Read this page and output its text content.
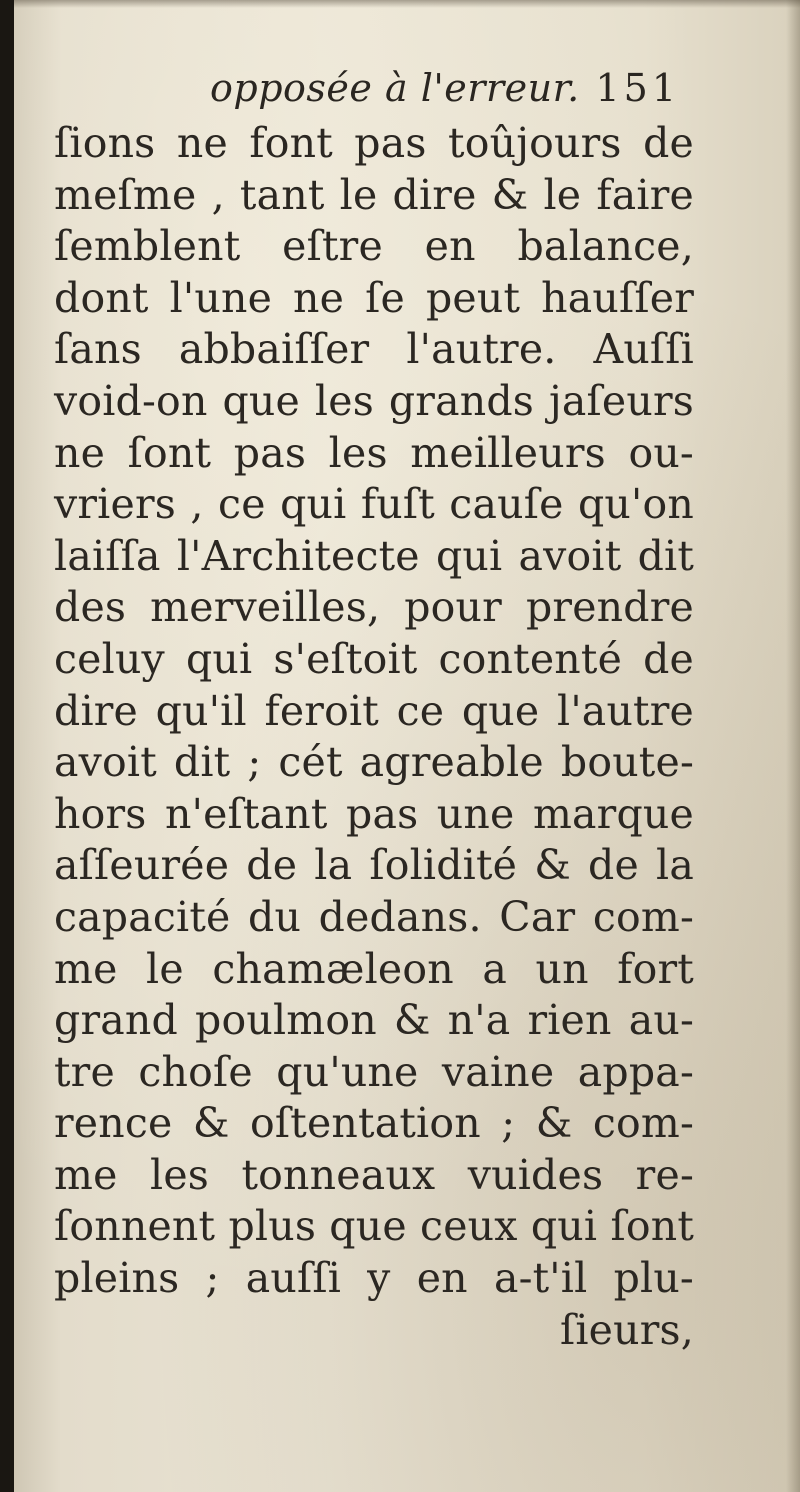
opposée à l'erreur. 151
ſions ne font pas toûjours de
meſme , tant le dire & le faire
ſemblent eſtre en balance,
dont l'une ne ſe peut hauſſer
ſans abbaiſſer l'autre. Auſſi
void-on que les grands jaſeurs
ne ſont pas les meilleurs ou-
vriers , ce qui fuſt cauſe qu'on
laiſſa l'Architecte qui avoit dit
des merveilles, pour prendre
celuy qui s'eſtoit contenté de
dire qu'il feroit ce que l'autre
avoit dit ; cét agreable boute-
hors n'eſtant pas une marque
aſſeurée de la ſolidité & de la
capacité du dedans. Car com-
me le chamæleon a un fort
grand poulmon & n'a rien au-
tre choſe qu'une vaine appa-
rence & oſtentation ; & com-
me les tonneaux vuides re-
ſonnent plus que ceux qui ſont
pleins ; auſſi y en a-t'il plu-
ſieurs,
